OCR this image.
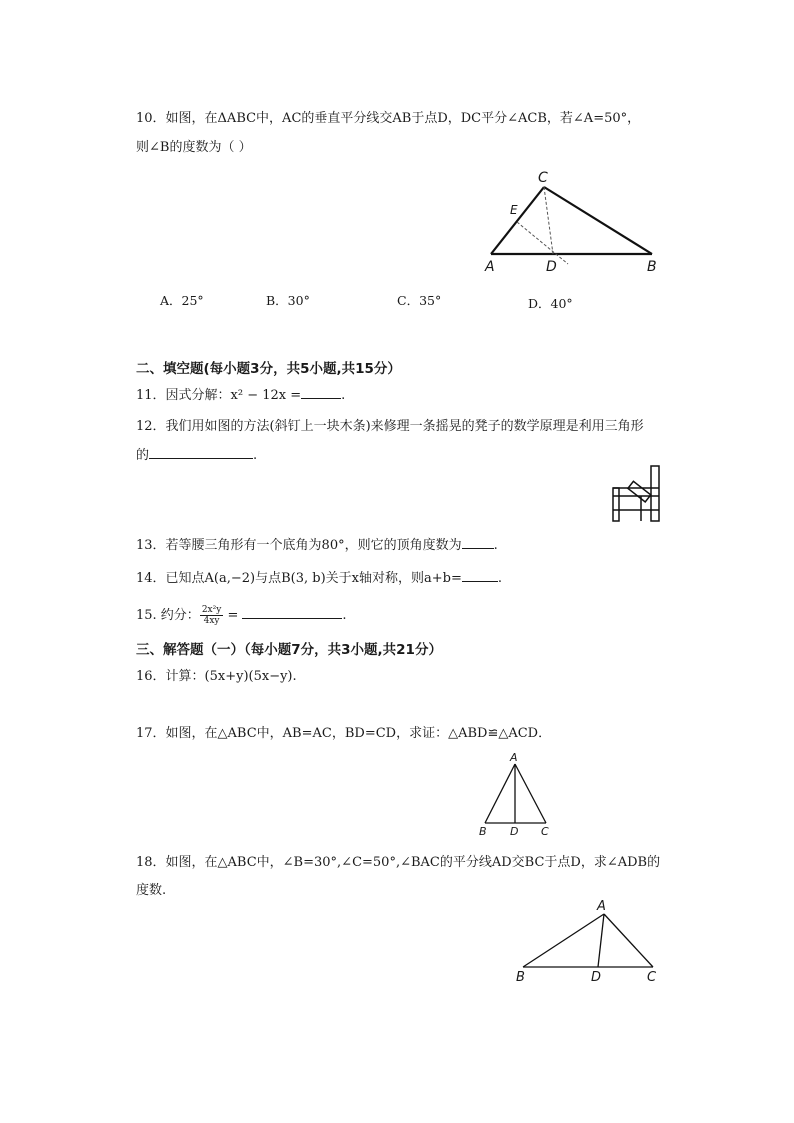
10．如图，在ΔABC中，AC的垂直平分线交AB于点D，DC平分∠ACB，若∠A=50°，
则∠B的度数为（ ）
C
E
A	D	B
A．25°	B．30°	C．35°	D．40°
二、填空题(每小题3分，共5小题,共15分）
11．因式分解：x² − 12x =	.
12．我们用如图的方法(斜钉上一块木条)来修理一条摇晃的凳子的数学原理是利用三角形
的	.
13．若等腰三角形有一个底角为80°，则它的顶角度数为 .
14．已知点A(a,−2)与点B(3, b)关于x轴对称，则a+b=	.
15. 约分： $\frac{\text{2x²y}}{4xy}$ =	.
三、解答题（一）（每小题7分，共3小题,共21分）
16．计算：(5x+y)(5x−y).
17．如图，在△ABC中，AB=AC，BD=CD，求证：△ABD≌△ACD．
A
B D C
18．如图，在△ABC中，∠B=30°,∠C=50°,∠BAC的平分线AD交BC于点D，求∠ADB的
度数.
A
B	D	C
